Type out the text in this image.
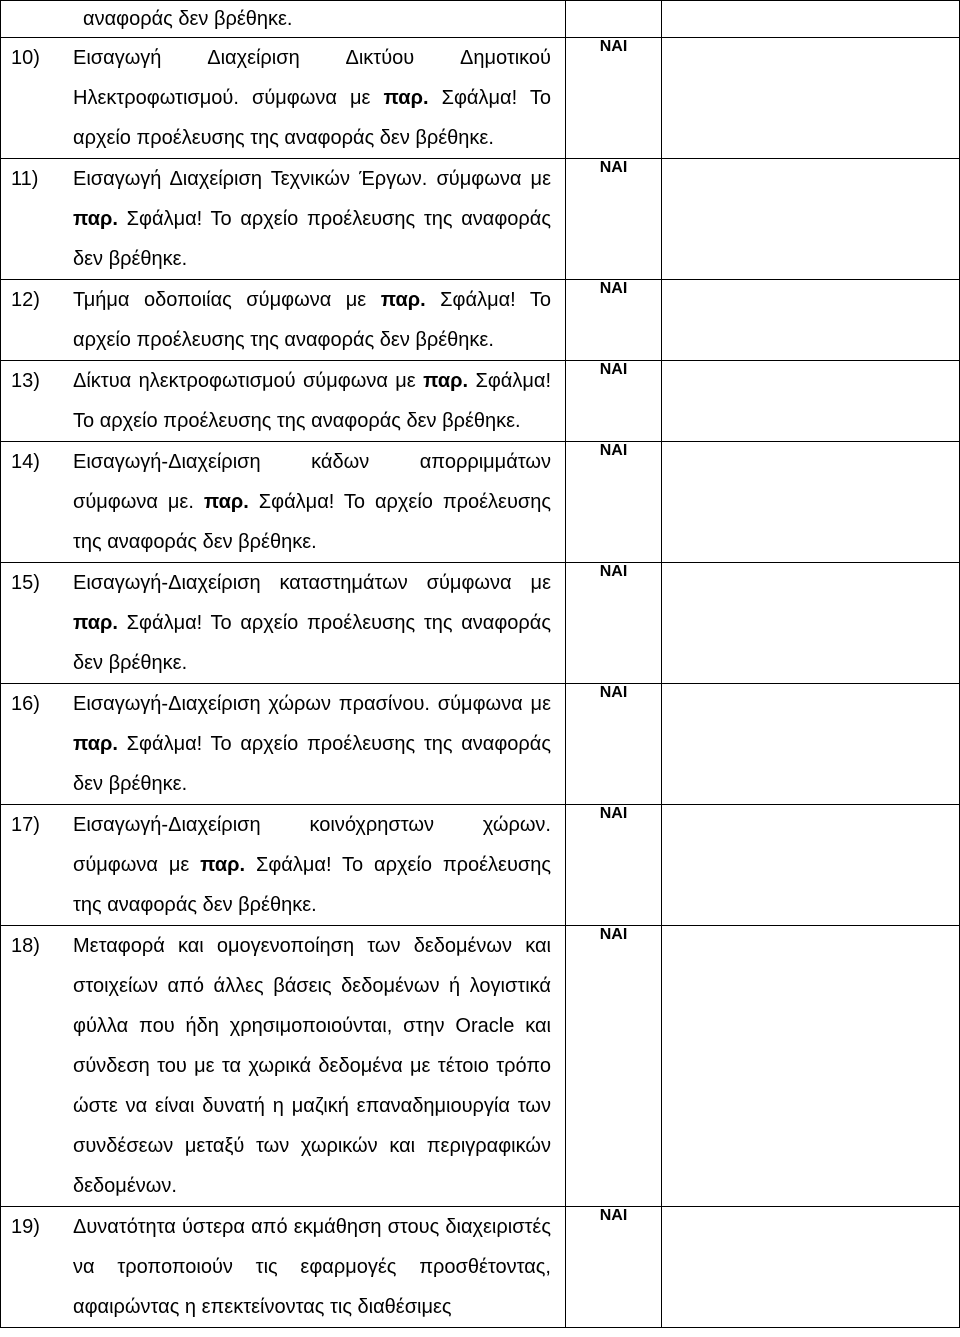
αναφοράς δεν βρέθηκε.		

10) Εισαγωγή Διαχείριση Δικτύου Δημοτικού Ηλεκτροφωτισμού. σύμφωνα με παρ. Σφάλμα! Το αρχείο προέλευσης της αναφοράς δεν βρέθηκε.	ΝΑΙ	

11) Εισαγωγή Διαχείριση Τεχνικών Έργων. σύμφωνα με παρ. Σφάλμα! Το αρχείο προέλευσης της αναφοράς δεν βρέθηκε.	ΝΑΙ	

12) Τμήμα οδοποιίας σύμφωνα με παρ. Σφάλμα! Το αρχείο προέλευσης της αναφοράς δεν βρέθηκε.	ΝΑΙ	

13) Δίκτυα ηλεκτροφωτισμού σύμφωνα με παρ. Σφάλμα! Το αρχείο προέλευσης της αναφοράς δεν βρέθηκε.	ΝΑΙ	

14) Εισαγωγή-Διαχείριση κάδων απορριμμάτων σύμφωνα με. παρ. Σφάλμα! Το αρχείο προέλευσης της αναφοράς δεν βρέθηκε.	ΝΑΙ	

15) Εισαγωγή-Διαχείριση καταστημάτων σύμφωνα με παρ. Σφάλμα! Το αρχείο προέλευσης της αναφοράς δεν βρέθηκε.	ΝΑΙ	

16) Εισαγωγή-Διαχείριση χώρων πρασίνου. σύμφωνα με παρ. Σφάλμα! Το αρχείο προέλευσης της αναφοράς δεν βρέθηκε.	ΝΑΙ	

17) Εισαγωγή-Διαχείριση κοινόχρηστων χώρων. σύμφωνα με παρ. Σφάλμα! Το αρχείο προέλευσης της αναφοράς δεν βρέθηκε.	ΝΑΙ	

18) Μεταφορά και ομογενοποίηση των δεδομένων και στοιχείων από άλλες βάσεις δεδομένων ή λογιστικά φύλλα που ήδη χρησιμοποιούνται, στην Oracle και σύνδεση του με τα χωρικά δεδομένα με τέτοιο τρόπο ώστε να είναι δυνατή η μαζική επαναδημιουργία των συνδέσεων μεταξύ των χωρικών και περιγραφικών δεδομένων.	ΝΑΙ	

19) Δυνατότητα ύστερα από εκμάθηση στους διαχειριστές να τροποποιούν τις εφαρμογές προσθέτοντας, αφαιρώντας η επεκτείνοντας τις διαθέσιμες	ΝΑΙ	
